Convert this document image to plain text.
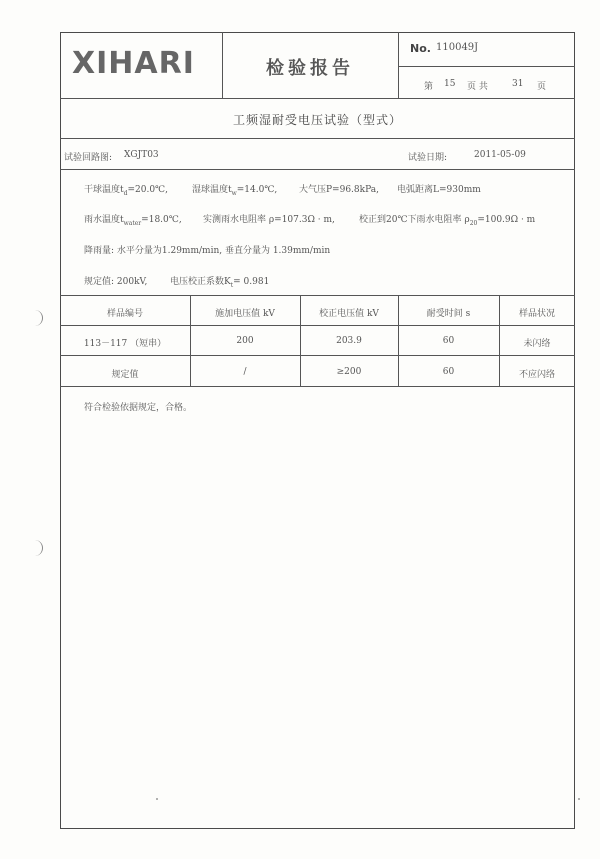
XIHARI	检验报告
No. 110049J
第 15 页 共	31 页
工频湿耐受电压试验（型式）
试验回路图: XGJT03	试验日期:	2011-05-09
干球温度$t_d=20.0℃$,	湿球温度$t_w=14.0℃$, 大气压P=96.8kPa, 电弧距离L=930mm
雨水温度$t_{water}=18.0℃$, 实测雨水电阻率 ρ=107.3Ω · m,	校正到20℃下雨水电阻率 $\rho_{20}=100.9\Omega \cdot m$
降雨量: 水平分量为1.29mm/min, 垂直分量为 1.39mm/min
规定值: 200kV,	电压校正系数$K_t= 0.981$
样品编号	施加电压值 kV	校正电压值 kV	耐受时间 s	样品状况
113－117 （短串）	200	203.9	60	未闪络
规定值	/	≥200	60	不应闪络
符合检验依据规定，合格。
